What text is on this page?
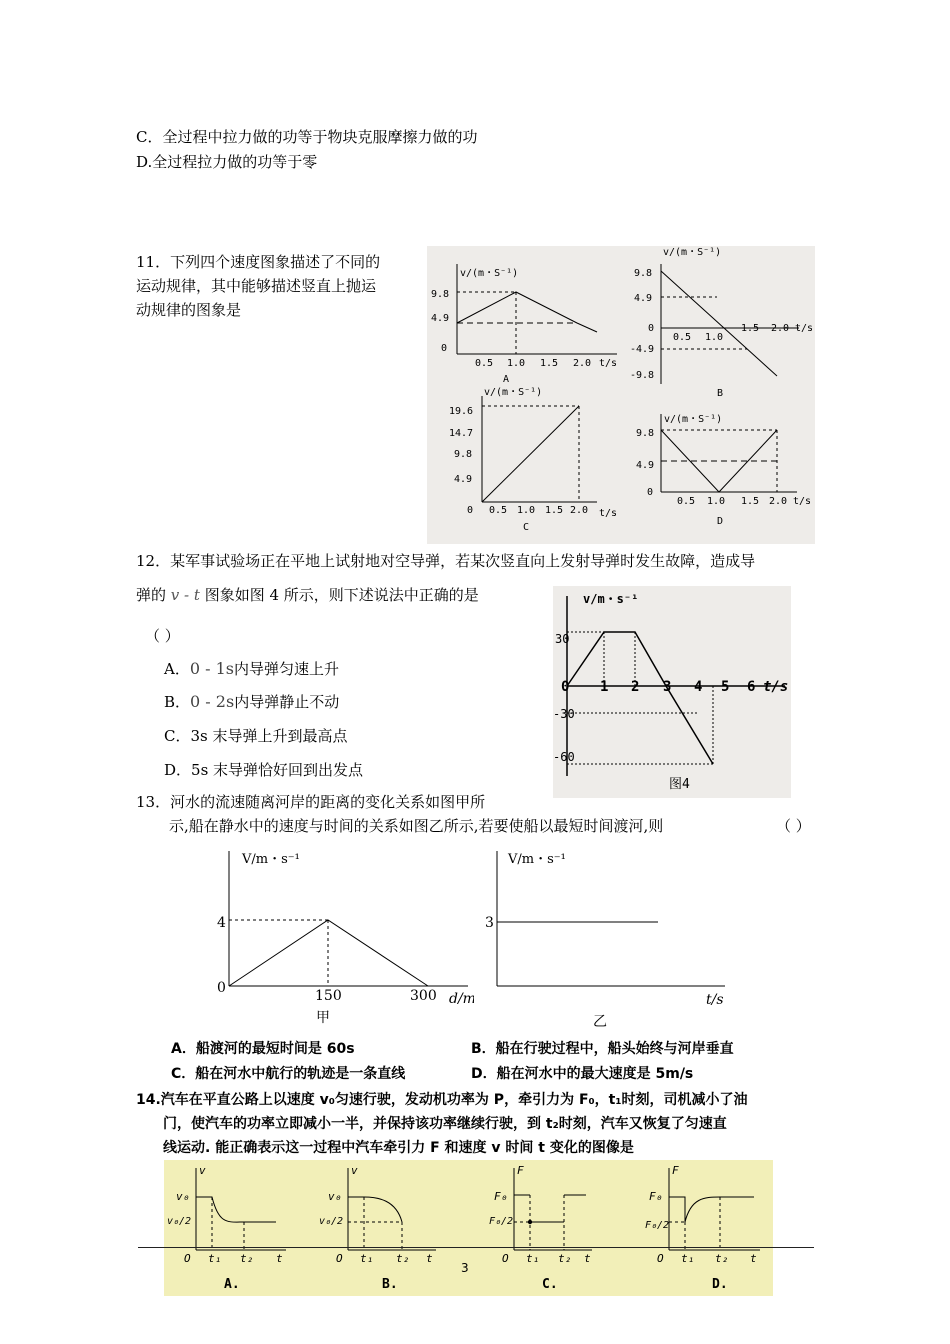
C．全过程中拉力做的功等于物块克服摩擦力做的功
D.全过程拉力做的功等于零
11．下列四个速度图象描述了不同的
运动规律，其中能够描述竖直上抛运
动规律的图象是
v/(m・S⁻¹)
9.8
4.9
0
0.5 1.0 1.5 2.0 t/s
A
v/(m・S⁻¹)
9.8
4.9
0
-4.9
-9.8
0.5 1.0
1.5 2.0 t/s
B
v/(m・S⁻¹)
19.6
14.7
9.8
4.9
0 0.5 1.0 1.5 2.0 t/s
C
v/(m・S⁻¹)
9.8
4.9
0
0.5 1.0 1.5 2.0 t/s
D
12．某军事试验场正在平地上试射地对空导弹，若某次竖直向上发射导弹时发生故障，造成导
弹的 v - t 图象如图 4 所示，则下述说法中正确的是
（ ）
A．0 - 1s内导弹匀速上升
B．0 - 2s内导弹静止不动
C．3s 末导弹上升到最高点
D．5s 末导弹恰好回到出发点
v/m・s⁻¹
30
-30
-60
0 1 2 3 4 5 6 t/s
图4
13．河水的流速随离河岸的距离的变化关系如图甲所
示,船在静水中的速度与时间的关系如图乙所示,若要使船以最短时间渡河,则	（ ）
V/m・s⁻¹
4
0	150	300 d/m
甲
V/m・s⁻¹
3
t/s
乙
A．船渡河的最短时间是 60s	B．船在行驶过程中，船头始终与河岸垂直
C．船在河水中航行的轨迹是一条直线	D．船在河水中的最大速度是 5m/s
14.汽车在平直公路上以速度 v₀匀速行驶，发动机功率为 P，牵引力为 F₀，t₁时刻，司机减小了油
门，使汽车的功率立即减小一半，并保持该功率继续行驶，到 t₂时刻，汽车又恢复了匀速直
线运动. 能正确表示这一过程中汽车牵引力 F 和速度 v 时间 t 变化的图像是
v
v₀
v₀/2
O t₁ t₂ t
A.
v
v₀
v₀/2
O t₁ t₂ t
B.
F
F₀
F₀/2
O t₁ t₂ t
C.
F
F₀
F₀/2
O t₁ t₂ t
D.
3
